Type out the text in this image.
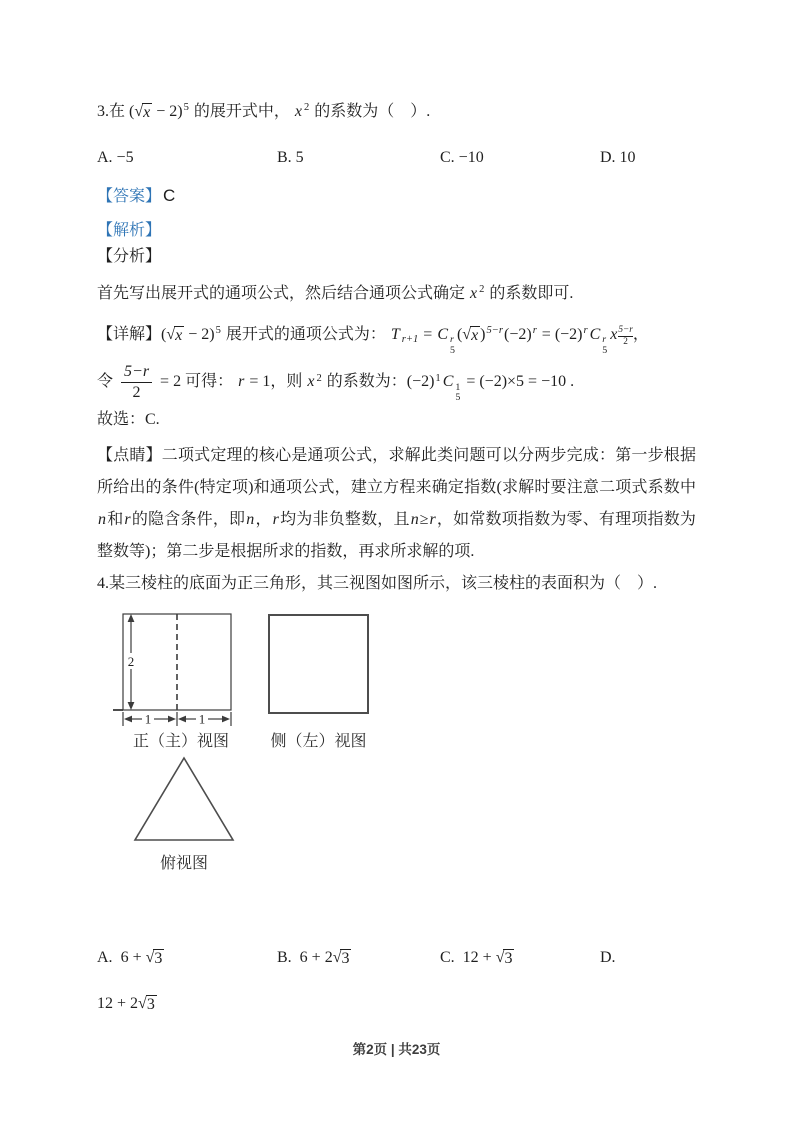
3.在 ( √ x − 2)$^5$ 的展开式中， x $^2$ 的系数为（　）.
A. −5	B. 5	C. −10	D. 10
【答案】 C
【解析】
【分析】
首先写出展开式的通项公式，然后结合通项公式确定 x $^2$ 的系数即可.
【详解】( √ x − 2)$^5$ 展开式的通项公式为： T r+1 = C r
5
( √ x )$^{5-r}(-2)^r = (-2)^r$ C r
5
x $\frac{5-r}{2}$ ，
令 $\frac{5-r}{2} = 2$ 可得： r = 1，则 x $^2$ 的系数为：$(-2)^1$ C 1
5
= (−2)×5 = −10 .
故选：C.
【点睛】二项式定理的核心是通项公式，求解此类问题可以分两步完成：第一步根据所给出的条件(特定项)和通项公式，建立方程来确定指数(求解时要注意二项式系数中n和r的隐含条件，即n，r均为非负整数，且n≥r，如常数项指数为零、有理项指数为整数等)；第二步是根据所求的指数，再求所求解的项.
4.某三棱柱的底面为正三角形，其三视图如图所示，该三棱柱的表面积为（　）.
2
1	1
正（主）视图	侧（左）视图
俯视图
A.  6 + √ 3	B.  6 + 2 √ 3	C.  12 + √ 3	D.
12 + 2 √ 3
第2页 | 共23页
